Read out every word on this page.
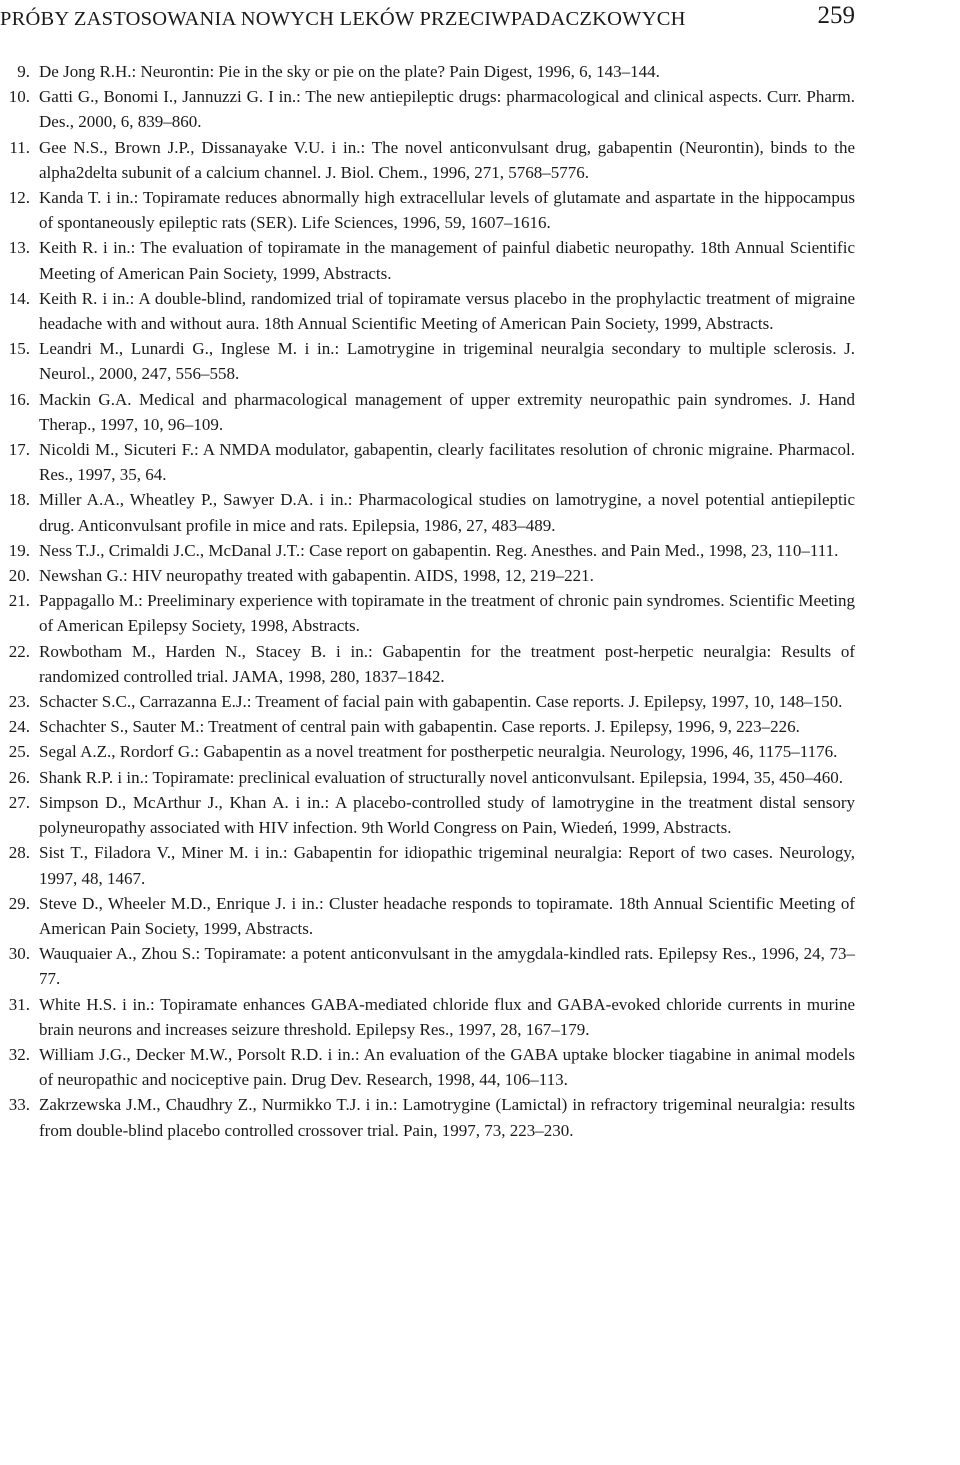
PRÓBY ZASTOSOWANIA NOWYCH LEKÓW PRZECIWPADACZKOWYCH	259
9. De Jong R.H.: Neurontin: Pie in the sky or pie on the plate? Pain Digest, 1996, 6, 143–144.
10. Gatti G., Bonomi I., Jannuzzi G. I in.: The new antiepileptic drugs: pharmacological and clinical aspects. Curr. Pharm. Des., 2000, 6, 839–860.
11. Gee N.S., Brown J.P., Dissanayake V.U. i in.: The novel anticonvulsant drug, gabapentin (Neurontin), binds to the alpha2delta subunit of a calcium channel. J. Biol. Chem., 1996, 271, 5768–5776.
12. Kanda T. i in.: Topiramate reduces abnormally high extracellular levels of glutamate and aspartate in the hippocampus of spontaneously epileptic rats (SER). Life Sciences, 1996, 59, 1607–1616.
13. Keith R. i in.: The evaluation of topiramate in the management of painful diabetic neuropathy. 18th Annual Scientific Meeting of American Pain Society, 1999, Abstracts.
14. Keith R. i in.: A double-blind, randomized trial of topiramate versus placebo in the prophylactic treatment of migraine headache with and without aura. 18th Annual Scientific Meeting of American Pain Society, 1999, Abstracts.
15. Leandri M., Lunardi G., Inglese M. i in.: Lamotrygine in trigeminal neuralgia secondary to multiple sclerosis. J. Neurol., 2000, 247, 556–558.
16. Mackin G.A. Medical and pharmacological management of upper extremity neuropathic pain syndromes. J. Hand Therap., 1997, 10, 96–109.
17. Nicoldi M., Sicuteri F.: A NMDA modulator, gabapentin, clearly facilitates resolution of chronic migraine. Pharmacol. Res., 1997, 35, 64.
18. Miller A.A., Wheatley P., Sawyer D.A. i in.: Pharmacological studies on lamotrygine, a novel potential antiepileptic drug. Anticonvulsant profile in mice and rats. Epilepsia, 1986, 27, 483–489.
19. Ness T.J., Crimaldi J.C., McDanal J.T.: Case report on gabapentin. Reg. Anesthes. and Pain Med., 1998, 23, 110–111.
20. Newshan G.: HIV neuropathy treated with gabapentin. AIDS, 1998, 12, 219–221.
21. Pappagallo M.: Preeliminary experience with topiramate in the treatment of chronic pain syndromes. Scientific Meeting of American Epilepsy Society, 1998, Abstracts.
22. Rowbotham M., Harden N., Stacey B. i in.: Gabapentin for the treatment post-herpetic neuralgia: Results of randomized controlled trial. JAMA, 1998, 280, 1837–1842.
23. Schacter S.C., Carrazanna E.J.: Treament of facial pain with gabapentin. Case reports. J. Epilepsy, 1997, 10, 148–150.
24. Schachter S., Sauter M.: Treatment of central pain with gabapentin. Case reports. J. Epilepsy, 1996, 9, 223–226.
25. Segal A.Z., Rordorf G.: Gabapentin as a novel treatment for postherpetic neuralgia. Neurology, 1996, 46, 1175–1176.
26. Shank R.P. i in.: Topiramate: preclinical evaluation of structurally novel anticonvulsant. Epilepsia, 1994, 35, 450–460.
27. Simpson D., McArthur J., Khan A. i in.: A placebo-controlled study of lamotrygine in the treatment distal sensory polyneuropathy associated with HIV infection. 9th World Congress on Pain, Wiedeń, 1999, Abstracts.
28. Sist T., Filadora V., Miner M. i in.: Gabapentin for idiopathic trigeminal neuralgia: Report of two cases. Neurology, 1997, 48, 1467.
29. Steve D., Wheeler M.D., Enrique J. i in.: Cluster headache responds to topiramate. 18th Annual Scientific Meeting of American Pain Society, 1999, Abstracts.
30. Wauquaier A., Zhou S.: Topiramate: a potent anticonvulsant in the amygdala-kindled rats. Epilepsy Res., 1996, 24, 73–77.
31. White H.S. i in.: Topiramate enhances GABA-mediated chloride flux and GABA-evoked chloride currents in murine brain neurons and increases seizure threshold. Epilepsy Res., 1997, 28, 167–179.
32. William J.G., Decker M.W., Porsolt R.D. i in.: An evaluation of the GABA uptake blocker tiagabine in animal models of neuropathic and nociceptive pain. Drug Dev. Research, 1998, 44, 106–113.
33. Zakrzewska J.M., Chaudhry Z., Nurmikko T.J. i in.: Lamotrygine (Lamictal) in refractory trigeminal neuralgia: results from double-blind placebo controlled crossover trial. Pain, 1997, 73, 223–230.
